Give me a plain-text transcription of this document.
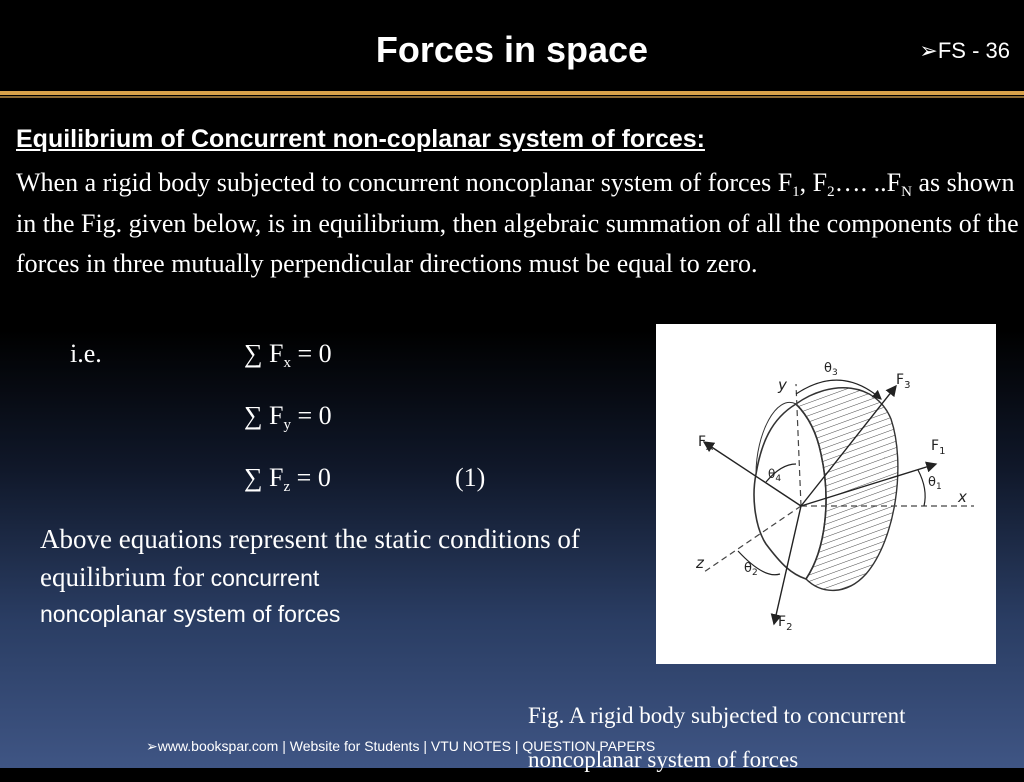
Forces in space	➢FS - 36
Equilibrium of Concurrent non-coplanar system of forces:
When a rigid body subjected to concurrent noncoplanar system of forces $F_1$, $F_2\dots$. $..F_N$ as shown in the Fig. given below, is in equilibrium, then algebraic summation of all the components of the forces in three mutually perpendicular directions must be equal to zero.
i.e.	∑ $F_x = 0$
∑ $F_y = 0$
∑ $F_z = 0$	(1)
Above equations represent the static conditions of equilibrium for concurrent
noncoplanar system of forces
y
x
z
$F_1$
$F_2$
$F_3$
$F_A$
$\theta_3$
$\theta_1$
$\theta_2$
$\theta_4$
Fig. A rigid body subjected to concurrent noncoplanar system of forces
➢www.bookspar.com | Website for Students | VTU NOTES | QUESTION PAPERS
